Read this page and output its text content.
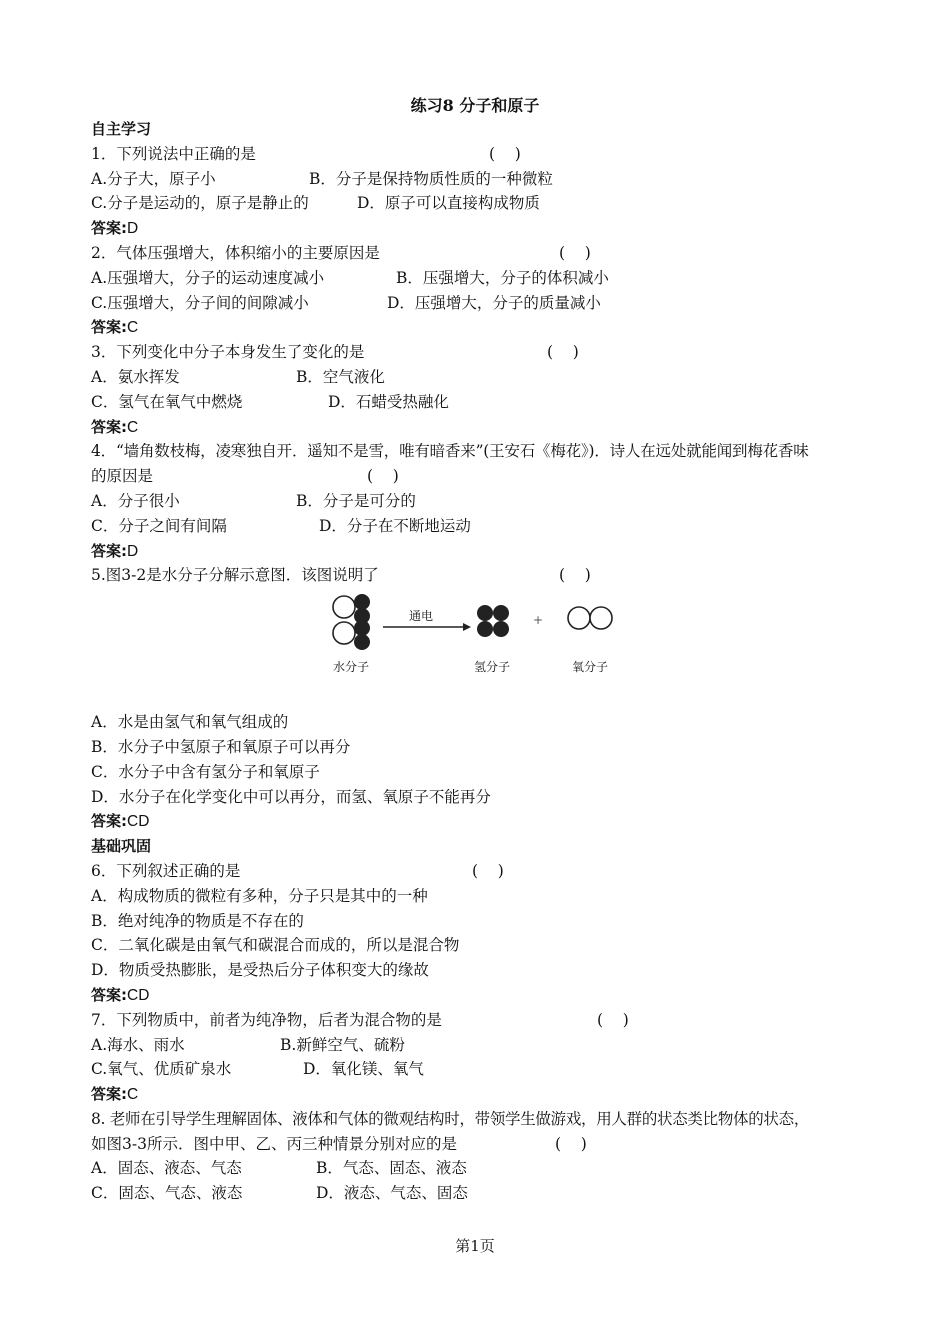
练习8 分子和原子
自主学习
1．下列说法中正确的是	(    )
A.分子大，原子小	B．分子是保持物质性质的一种微粒
C.分子是运动的，原子是静止的	D．原子可以直接构成物质
答案:D
2．气体压强增大，体积缩小的主要原因是	(    )
A.压强增大，分子的运动速度减小	B．压强增大，分子的体积减小
C.压强增大，分子间的间隙减小	D．压强增大，分子的质量减小
答案:C
3．下列变化中分子本身发生了变化的是	(    )
A．氨水挥发	B．空气液化
C．氢气在氧气中燃烧	D．石蜡受热融化
答案:C
4．“墙角数枝梅，凌寒独自开．遥知不是雪，唯有暗香来”(王安石《梅花》)．诗人在远处就能闻到梅花香味
的原因是	(    )
A．分子很小	B．分子是可分的
C．分子之间有间隔	D．分子在不断地运动
答案:D
5.图3-2是水分子分解示意图．该图说明了	(    )
通电	+
水分子	氢分子	氧分子
A．水是由氢气和氧气组成的
B．水分子中氢原子和氧原子可以再分
C．水分子中含有氢分子和氧原子
D．水分子在化学变化中可以再分，而氢、氧原子不能再分
答案:CD
基础巩固
6．下列叙述正确的是	(    )
A．构成物质的微粒有多种，分子只是其中的一种
B．绝对纯净的物质是不存在的
C．二氧化碳是由氧气和碳混合而成的，所以是混合物
D．物质受热膨胀，是受热后分子体积变大的缘故
答案:CD
7．下列物质中，前者为纯净物，后者为混合物的是	(    )
A.海水、雨水	B.新鲜空气、硫粉
C.氧气、优质矿泉水	D．氧化镁、氧气
答案:C
8. 老师在引导学生理解固体、液体和气体的微观结构时，带领学生做游戏，用人群的状态类比物体的状态，
如图3-3所示．图中甲、乙、丙三种情景分别对应的是	(    )
A．固态、液态、气态	B．气态、固态、液态
C．固态、气态、液态	D．液态、气态、固态
第1页
